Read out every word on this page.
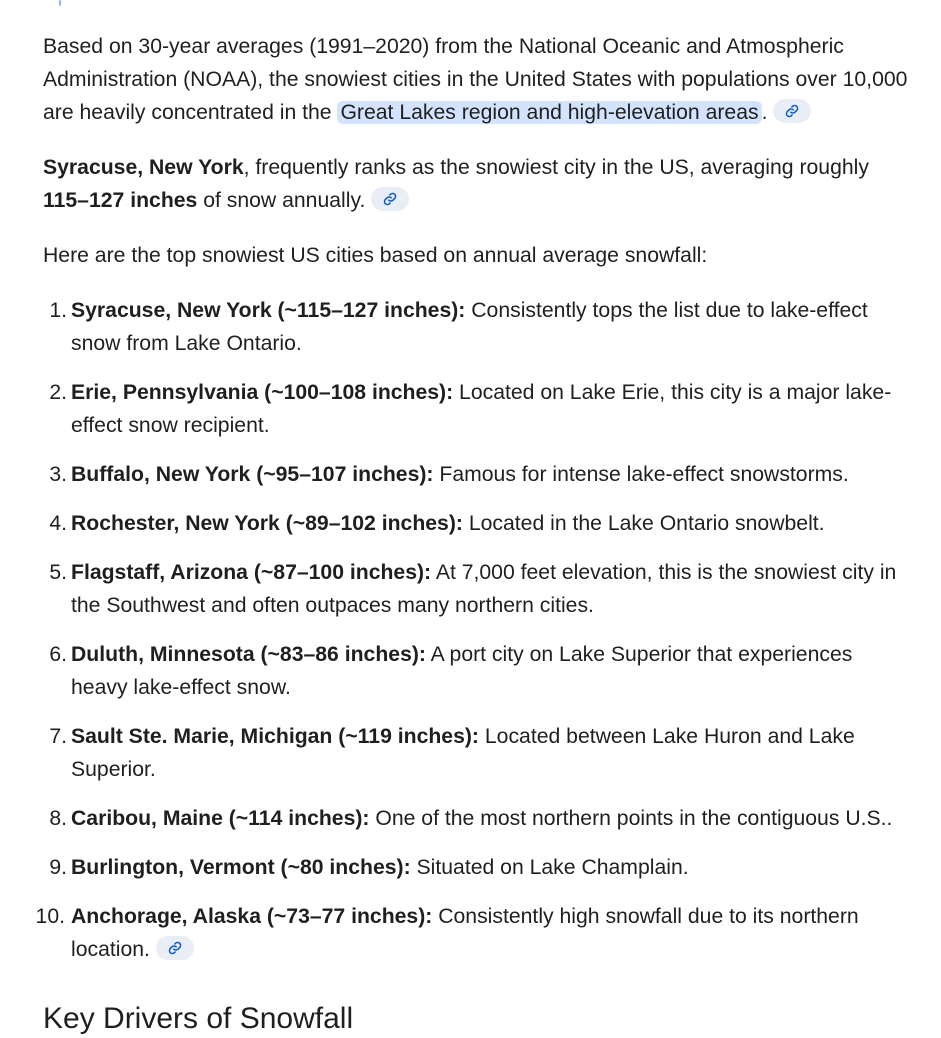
Based on 30-year averages (1991–2020) from the National Oceanic and Atmospheric Administration (NOAA), the snowiest cities in the United States with populations over 10,000 are heavily concentrated in the Great Lakes region and high-elevation areas .

Syracuse, New York, frequently ranks as the snowiest city in the US, averaging roughly
115–127 inches of snow annually.

Here are the top snowiest US cities based on annual average snowfall:

1. Syracuse, New York (~115–127 inches): Consistently tops the list due to lake-effect snow from Lake Ontario.
2. Erie, Pennsylvania (~100–108 inches): Located on Lake Erie, this city is a major lake-effect snow recipient.
3. Buffalo, New York (~95–107 inches): Famous for intense lake-effect snowstorms.
4. Rochester, New York (~89–102 inches): Located in the Lake Ontario snowbelt.
5. Flagstaff, Arizona (~87–100 inches): At 7,000 feet elevation, this is the snowiest city in the Southwest and often outpaces many northern cities.
6. Duluth, Minnesota (~83–86 inches): A port city on Lake Superior that experiences heavy lake-effect snow.
7. Sault Ste. Marie, Michigan (~119 inches): Located between Lake Huron and Lake Superior.
8. Caribou, Maine (~114 inches): One of the most northern points in the contiguous U.S..
9. Burlington, Vermont (~80 inches): Situated on Lake Champlain.
10. Anchorage, Alaska (~73–77 inches): Consistently high snowfall due to its northern location.
Key Drivers of Snowfall
